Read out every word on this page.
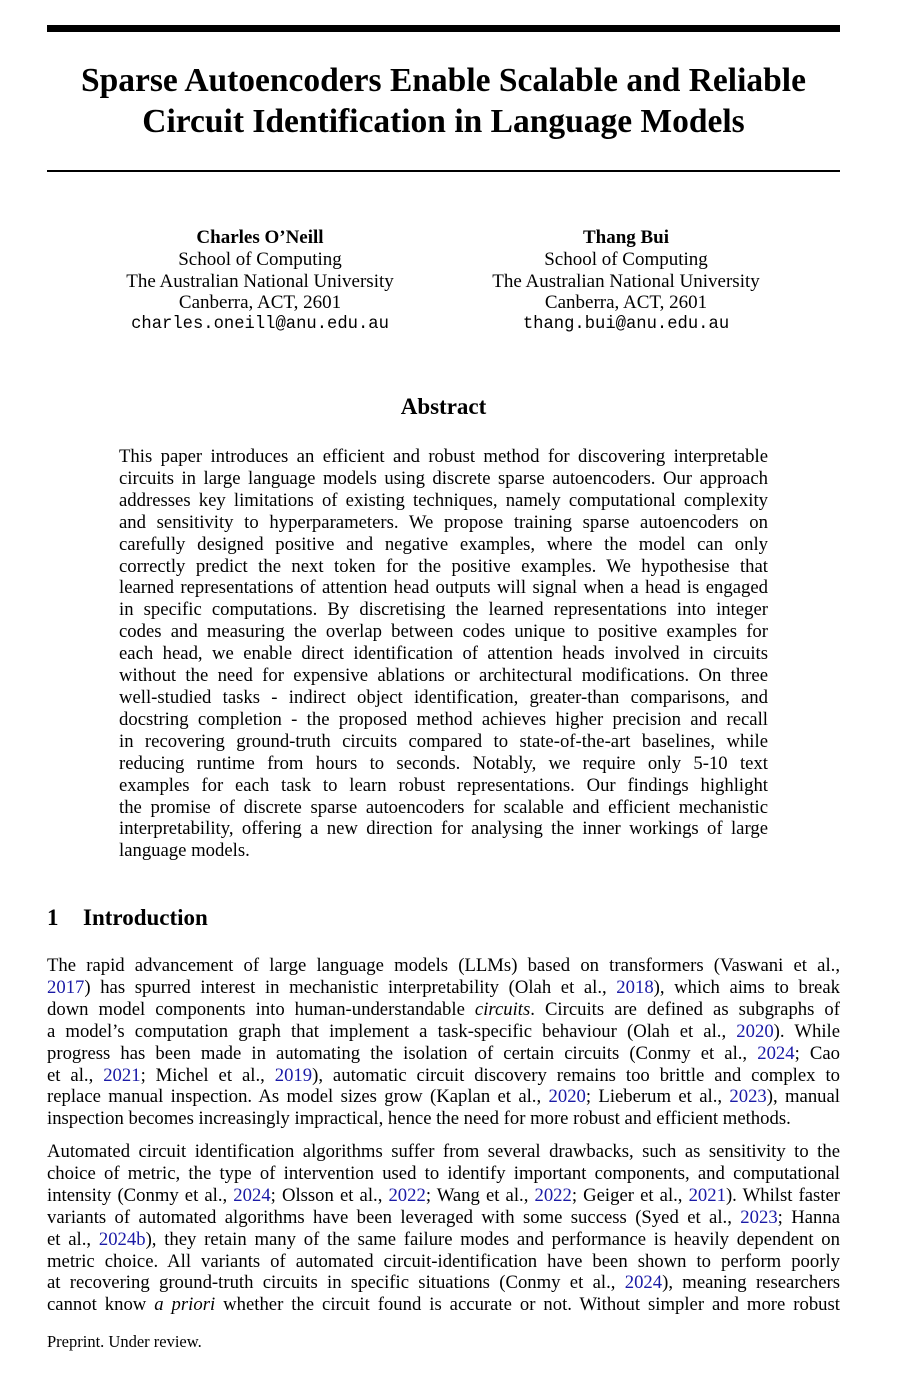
Sparse Autoencoders Enable Scalable and Reliable
Circuit Identification in Language Models
Charles O’Neill
School of Computing
The Australian National University
Canberra, ACT, 2601
charles.oneill@anu.edu.au
Thang Bui
School of Computing
The Australian National University
Canberra, ACT, 2601
thang.bui@anu.edu.au
Abstract
This paper introduces an efficient and robust method for discovering interpretable
circuits in large language models using discrete sparse autoencoders. Our approach
addresses key limitations of existing techniques, namely computational complexity
and sensitivity to hyperparameters. We propose training sparse autoencoders on
carefully designed positive and negative examples, where the model can only
correctly predict the next token for the positive examples. We hypothesise that
learned representations of attention head outputs will signal when a head is engaged
in specific computations. By discretising the learned representations into integer
codes and measuring the overlap between codes unique to positive examples for
each head, we enable direct identification of attention heads involved in circuits
without the need for expensive ablations or architectural modifications. On three
well-studied tasks - indirect object identification, greater-than comparisons, and
docstring completion - the proposed method achieves higher precision and recall
in recovering ground-truth circuits compared to state-of-the-art baselines, while
reducing runtime from hours to seconds. Notably, we require only 5-10 text
examples for each task to learn robust representations. Our findings highlight
the promise of discrete sparse autoencoders for scalable and efficient mechanistic
interpretability, offering a new direction for analysing the inner workings of large
language models.
1 Introduction
The rapid advancement of large language models (LLMs) based on transformers (Vaswani et al.,
2017) has spurred interest in mechanistic interpretability (Olah et al., 2018), which aims to break
down model components into human-understandable circuits. Circuits are defined as subgraphs of
a model’s computation graph that implement a task-specific behaviour (Olah et al., 2020). While
progress has been made in automating the isolation of certain circuits (Conmy et al., 2024; Cao
et al., 2021; Michel et al., 2019), automatic circuit discovery remains too brittle and complex to
replace manual inspection. As model sizes grow (Kaplan et al., 2020; Lieberum et al., 2023), manual
inspection becomes increasingly impractical, hence the need for more robust and efficient methods.
Automated circuit identification algorithms suffer from several drawbacks, such as sensitivity to the
choice of metric, the type of intervention used to identify important components, and computational
intensity (Conmy et al., 2024; Olsson et al., 2022; Wang et al., 2022; Geiger et al., 2021). Whilst faster
variants of automated algorithms have been leveraged with some success (Syed et al., 2023; Hanna
et al., 2024b), they retain many of the same failure modes and performance is heavily dependent on
metric choice. All variants of automated circuit-identification have been shown to perform poorly
at recovering ground-truth circuits in specific situations (Conmy et al., 2024), meaning researchers
cannot know a priori whether the circuit found is accurate or not. Without simpler and more robust
Preprint. Under review.
